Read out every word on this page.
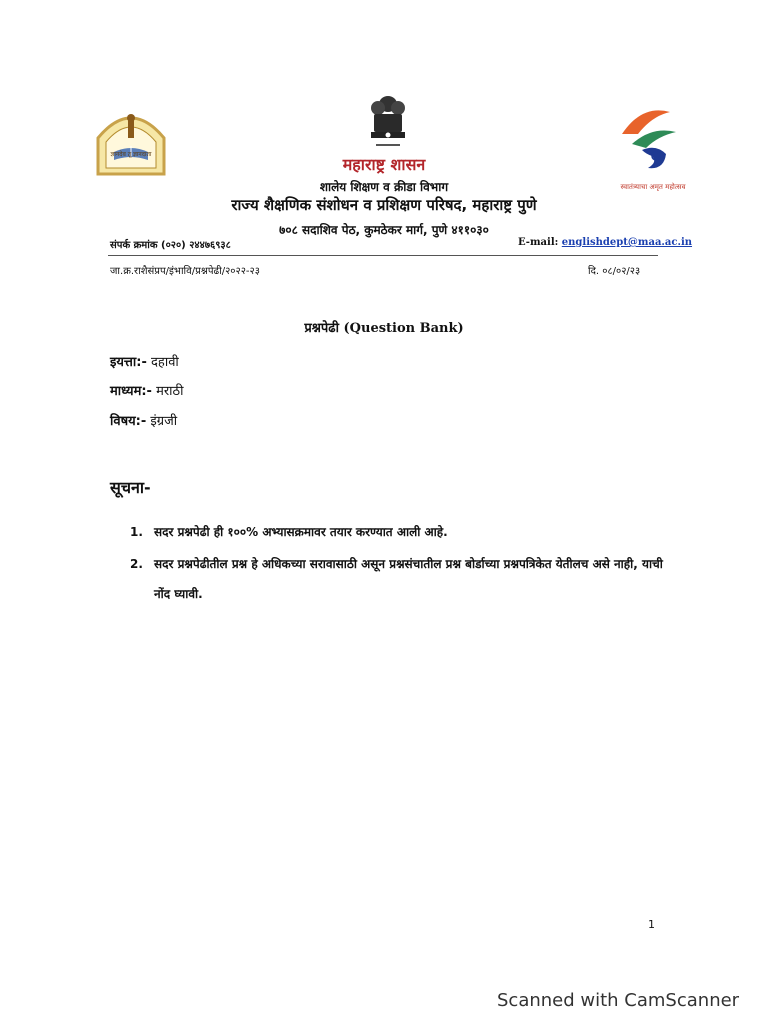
ज्ञानदेव तू ज्ञानदाता
स्वातंत्र्याचा अमृत महोत्सव
महाराष्ट्र शासन
शालेय शिक्षण व क्रीडा विभाग
राज्य शैक्षणिक संशोधन व प्रशिक्षण परिषद, महाराष्ट्र पुणे
७०८ सदाशिव पेठ, कुमठेकर मार्ग, पुणे ४११०३०
संपर्क क्रमांक (०२०) २४४७६९३८	E-mail: englishdept@maa.ac.in
जा.क्र.राशैसंप्रप/इंभावि/प्रश्नपेढी/२०२२-२३	दि. ०८/०२/२३
प्रश्नपेढी (Question Bank)
इयत्ता:- दहावी
माध्यम:- मराठी
विषय:- इंग्रजी
सूचना-
1. सदर प्रश्नपेढी ही १००% अभ्यासक्रमावर तयार करण्यात आली आहे.
2. सदर प्रश्नपेढीतील प्रश्न हे अधिकच्या सरावासाठी असून प्रश्नसंचातील प्रश्न बोर्डाच्या प्रश्नपत्रिकेत येतीलच असे नाही, याची नोंद घ्यावी.
1
Scanned with CamScanner
